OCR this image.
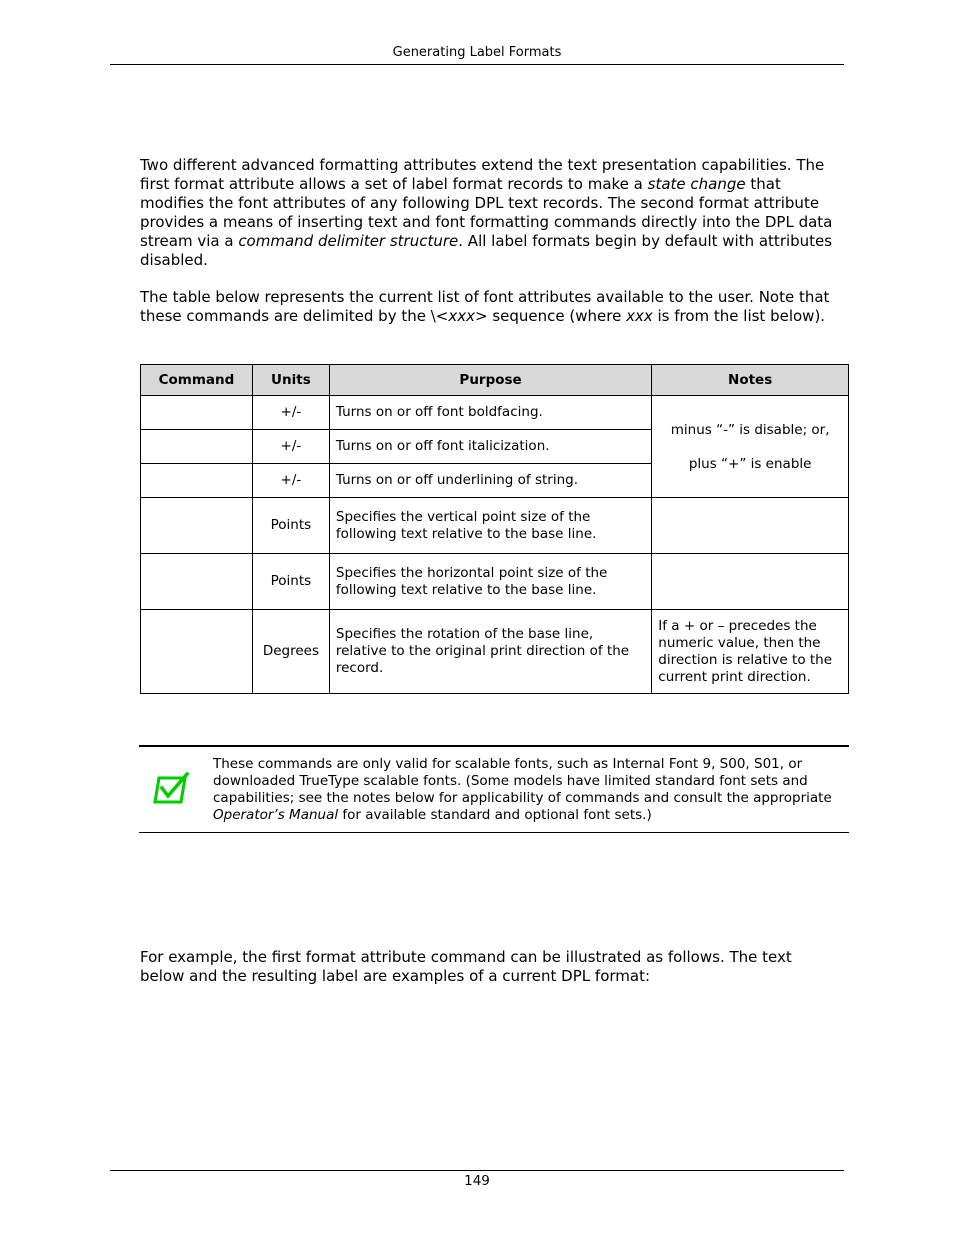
Generating Label Formats

Two different advanced formatting attributes extend the text presentation capabilities. The first format attribute allows a set of label format records to make a state change that modifies the font attributes of any following DPL text records. The second format attribute provides a means of inserting text and font formatting commands directly into the DPL data stream via a command delimiter structure. All label formats begin by default with attributes disabled.

The table below represents the current list of font attributes available to the user. Note that these commands are delimited by the \<xxx> sequence (where xxx is from the list below).

Command	Units	Purpose	Notes
	+/-	Turns on or off font boldfacing.	minus “-” is disable; or,
plus “+” is enable

	+/-	Turns on or off font italicization.	
	+/-	Turns on or off underlining of string.	
	Points	Specifies the vertical point size of the following text relative to the base line.	
	Points	Specifies the horizontal point size of the following text relative to the base line.	
	Degrees	Specifies the rotation of the base line, relative to the original print direction of the record.	If a + or – precedes the numeric value, then the direction is relative to the current print direction.

These commands are only valid for scalable fonts, such as Internal Font 9, S00, S01, or downloaded TrueType scalable fonts. (Some models have limited standard font sets and capabilities; see the notes below for applicability of commands and consult the appropriate Operator’s Manual for available standard and optional font sets.)

For example, the first format attribute command can be illustrated as follows. The text below and the resulting label are examples of a current DPL format:

149
